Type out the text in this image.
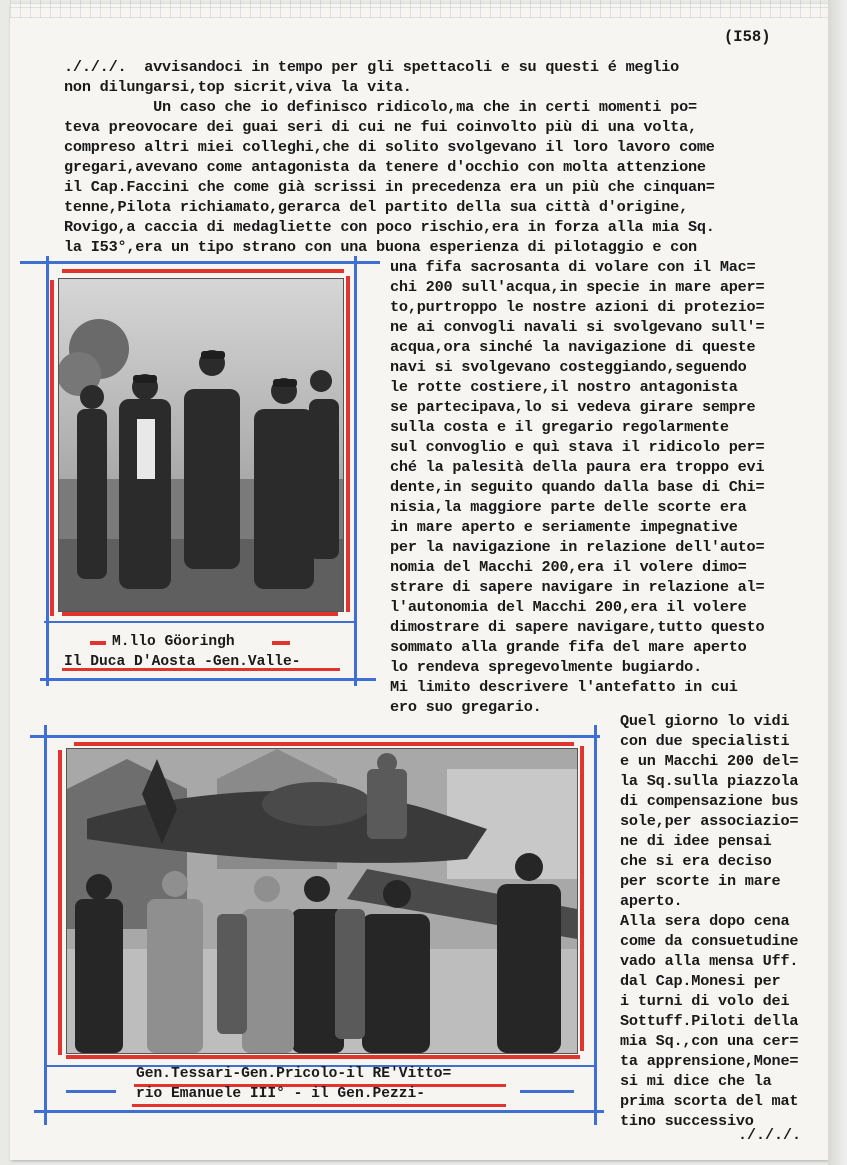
(I58)
./././.  avvisandoci in tempo per gli spettacoli e su questi é meglio
non dilungarsi,top sicrit,viva la vita.
Un caso che io definisco ridicolo,ma che in certi momenti po=
teva preovocare dei guai seri di cui ne fui coinvolto più di una volta,
compreso altri miei colleghi,che di solito svolgevano il loro lavoro come
gregari,avevano come antagonista da tenere d'occhio con molta attenzione
il Cap.Faccini che come già scrissi in precedenza era un più che cinquan=
tenne,Pilota richiamato,gerarca del partito della sua città d'origine,
Rovigo,a caccia di medagliette con poco rischio,era in forza alla mia Sq.
la I53°,era un tipo strano con una buona esperienza di pilotaggio e con
una fifa sacrosanta di volare con il Mac=
chi 200 sull'acqua,in specie in mare aper=
to,purtroppo le nostre azioni di protezio=
ne ai convogli navali si svolgevano sull'=
acqua,ora sinché la navigazione di queste
navi si svolgevano costeggiando,seguendo
le rotte costiere,il nostro antagonista
se partecipava,lo si vedeva girare sempre
sulla costa e il gregario regolarmente
sul convoglio e quì stava il ridicolo per=
ché la palesità della paura era troppo evi
dente,in seguito quando dalla base di Chi=
nisia,la maggiore parte delle scorte era
in mare aperto e seriamente impegnative
per la navigazione in relazione dell'auto=
nomia del Macchi 200,era il volere dimo=
strare di sapere navigare in relazione al=
l'autonomia del Macchi 200,era il volere
dimostrare di sapere navigare,tutto questo
sommato alla grande fifa del mare aperto
lo rendeva spregevolmente bugiardo.
Mi limito descrivere l'antefatto in cui
ero suo gregario.
Quel giorno lo vidi
con due specialisti
e un Macchi 200 del=
la Sq.sulla piazzola
di compensazione bus
sole,per associazio=
ne di idee pensai
che si era deciso
per scorte in mare
aperto.
Alla sera dopo cena
come da consuetudine
vado alla mensa Uff.
dal Cap.Monesi per
i turni di volo dei
Sottuff.Piloti della
mia Sq.,con una cer=
ta apprensione,Mone=
si mi dice che la
prima scorta del mat
tino successivo
./././.
M.llo Göoringh
Il Duca D'Aosta -Gen.Valle-
Gen.Tessari-Gen.Pricolo-il RE'Vitto=
rio Emanuele III° - il Gen.Pezzi-
